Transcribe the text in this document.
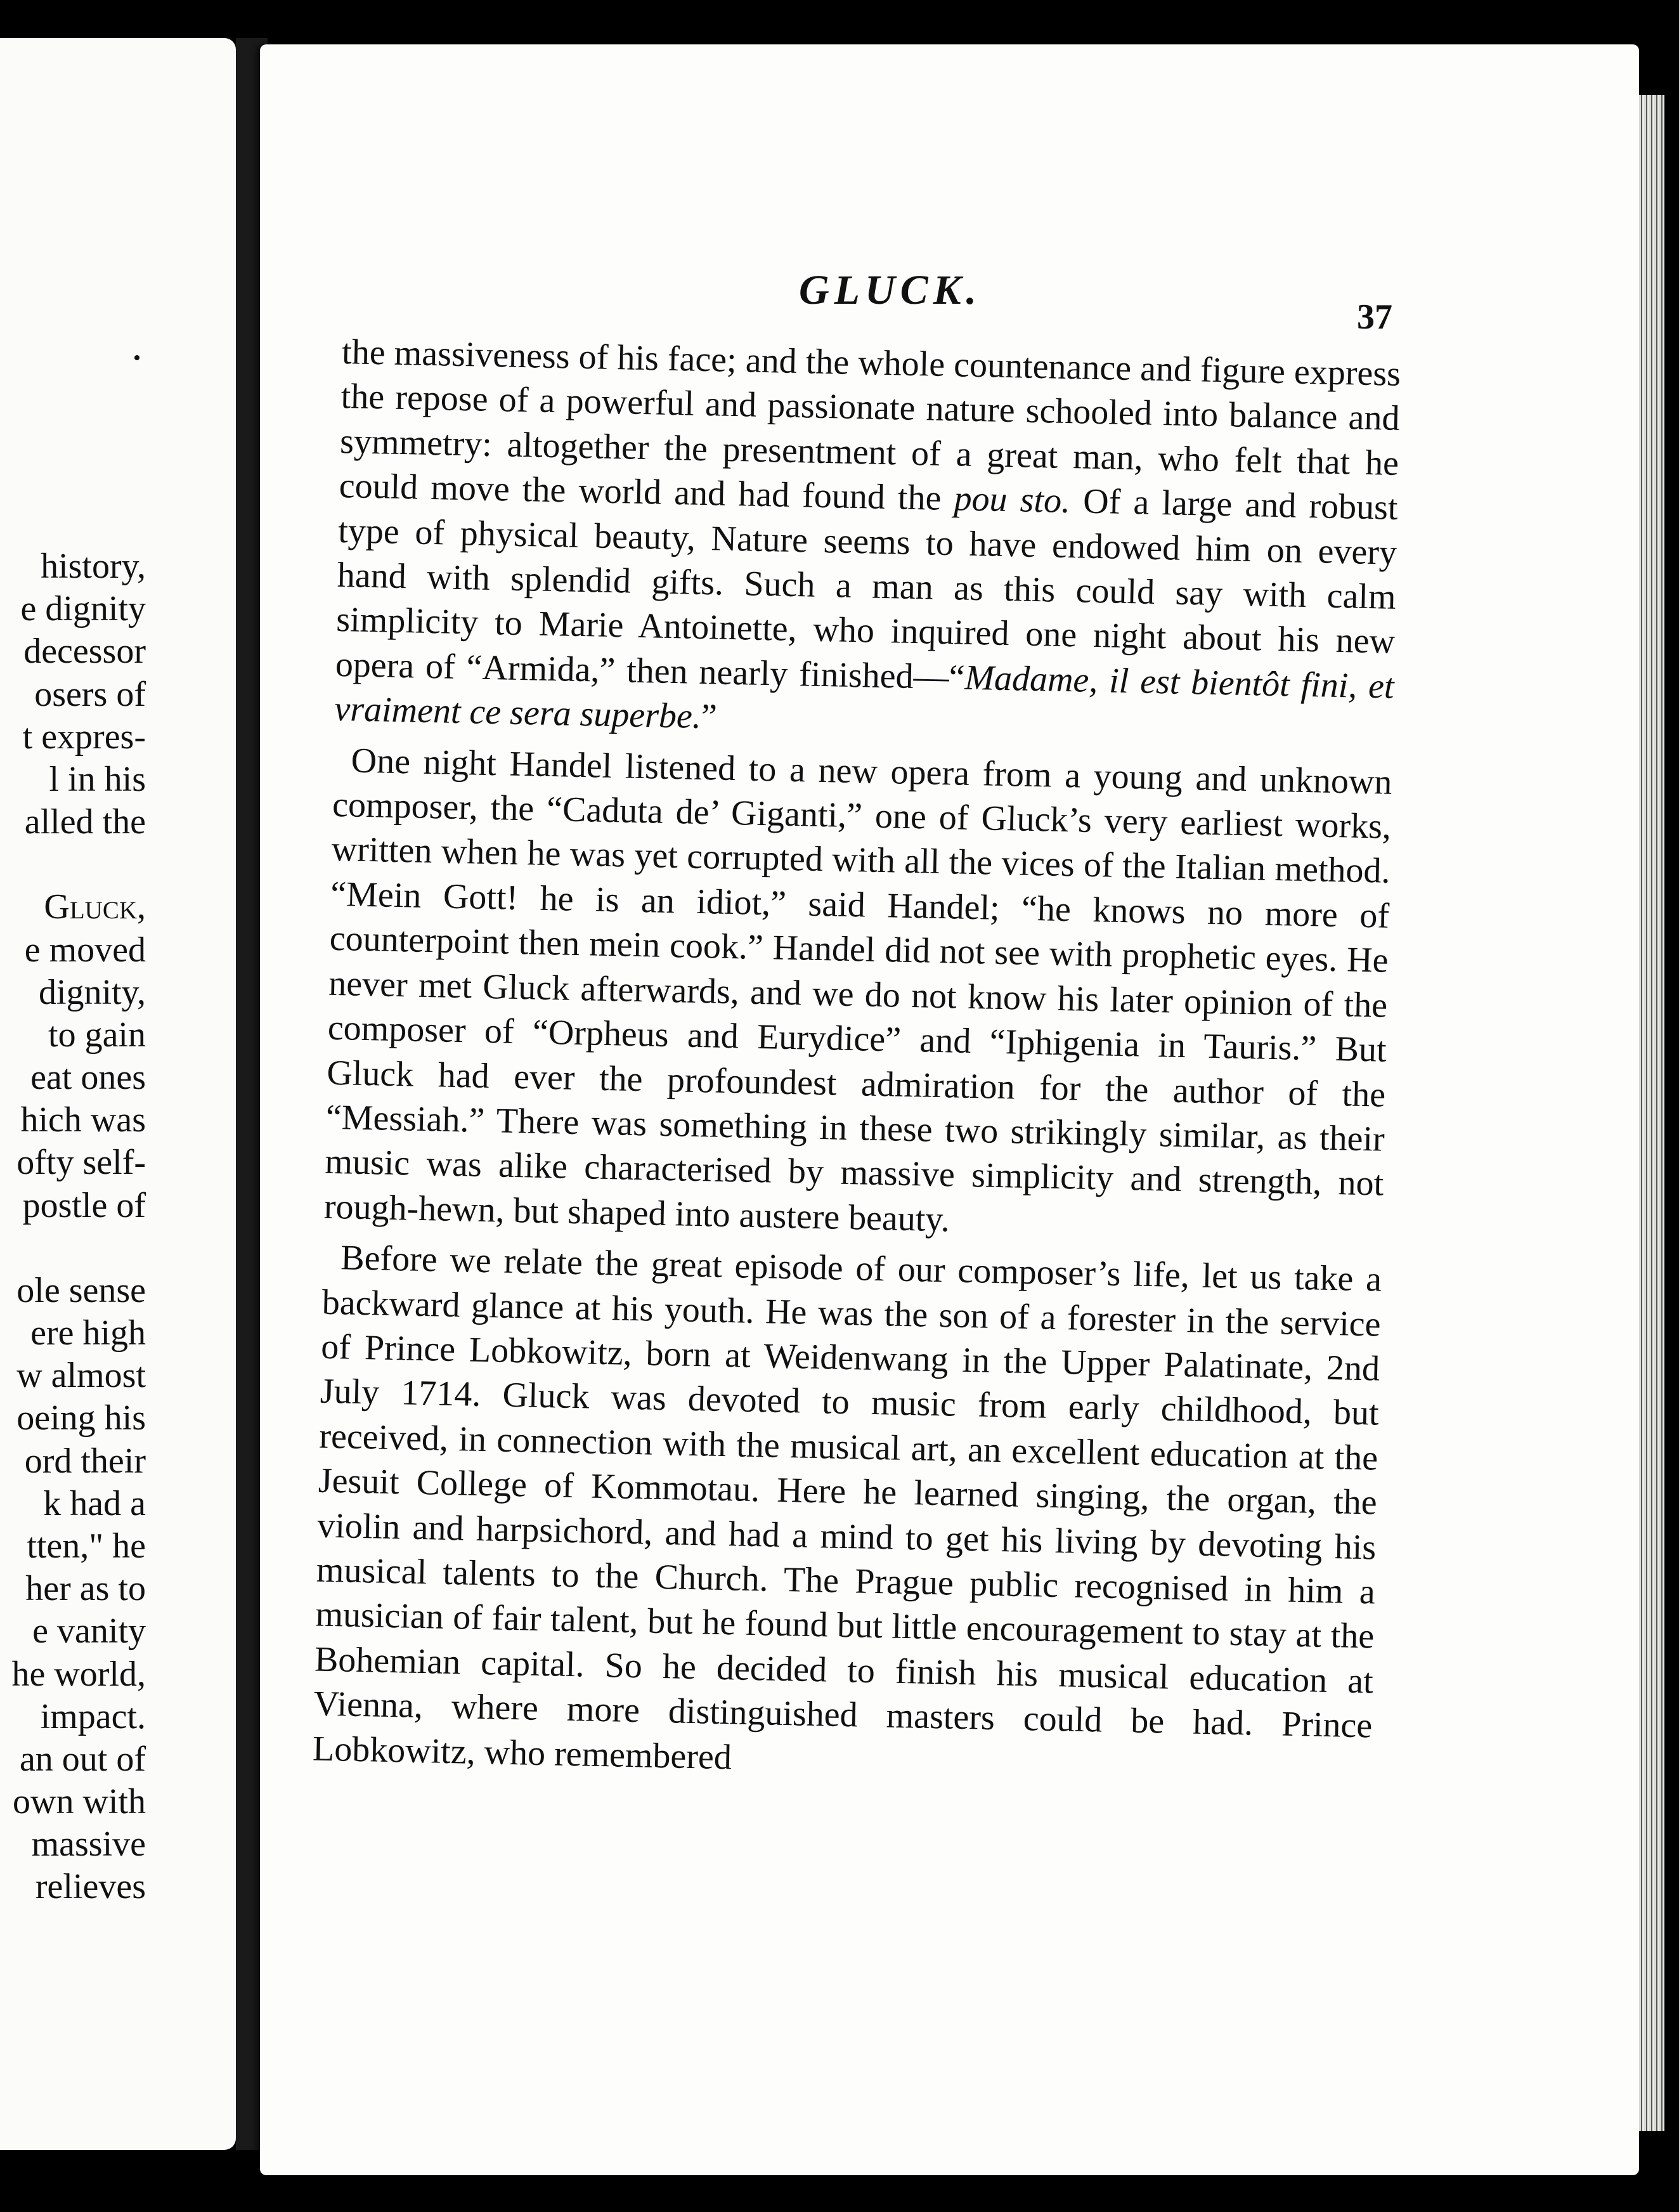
history,
e dignity
decessor
osers of
t expres-
l in his
alled the
Gluck,
e moved
dignity,
to gain
eat ones
hich was
ofty self-
postle of
ole sense
ere high
w almost
oeing his
ord their
k had a
tten," he
her as to
e vanity
he world,
impact.
an out of
own with
massive
relieves
GLUCK.
37

the massiveness of his face; and the whole countenance and figure express the repose of a powerful and passionate nature schooled into balance and symmetry: altogether the presentment of a great man, who felt that he could move the world and had found the pou sto. Of a large and robust type of physical beauty, Nature seems to have endowed him on every hand with splendid gifts. Such a man as this could say with calm simplicity to Marie Antoinette, who inquired one night about his new opera of “Armida,” then nearly finished—“Madame, il est bientôt fini, et vraiment ce sera superbe.”

One night Handel listened to a new opera from a young and unknown composer, the “Caduta de’ Giganti,” one of Gluck’s very earliest works, written when he was yet corrupted with all the vices of the Italian method. “Mein Gott! he is an idiot,” said Handel; “he knows no more of counterpoint then mein cook.” Handel did not see with prophetic eyes. He never met Gluck afterwards, and we do not know his later opinion of the composer of “Orpheus and Eurydice” and “Iphigenia in Tauris.” But Gluck had ever the profoundest admiration for the author of the “Messiah.” There was something in these two strikingly similar, as their music was alike characterised by massive simplicity and strength, not rough-hewn, but shaped into austere beauty.

Before we relate the great episode of our composer’s life, let us take a backward glance at his youth. He was the son of a forester in the service of Prince Lobkowitz, born at Weidenwang in the Upper Palatinate, 2nd July 1714. Gluck was devoted to music from early childhood, but received, in connection with the musical art, an excellent education at the Jesuit College of Kommotau. Here he learned singing, the organ, the violin and harpsichord, and had a mind to get his living by devoting his musical talents to the Church. The Prague public recognised in him a musician of fair talent, but he found but little encouragement to stay at the Bohemian capital. So he decided to finish his musical education at Vienna, where more distinguished masters could be had. Prince Lobkowitz, who remembered
